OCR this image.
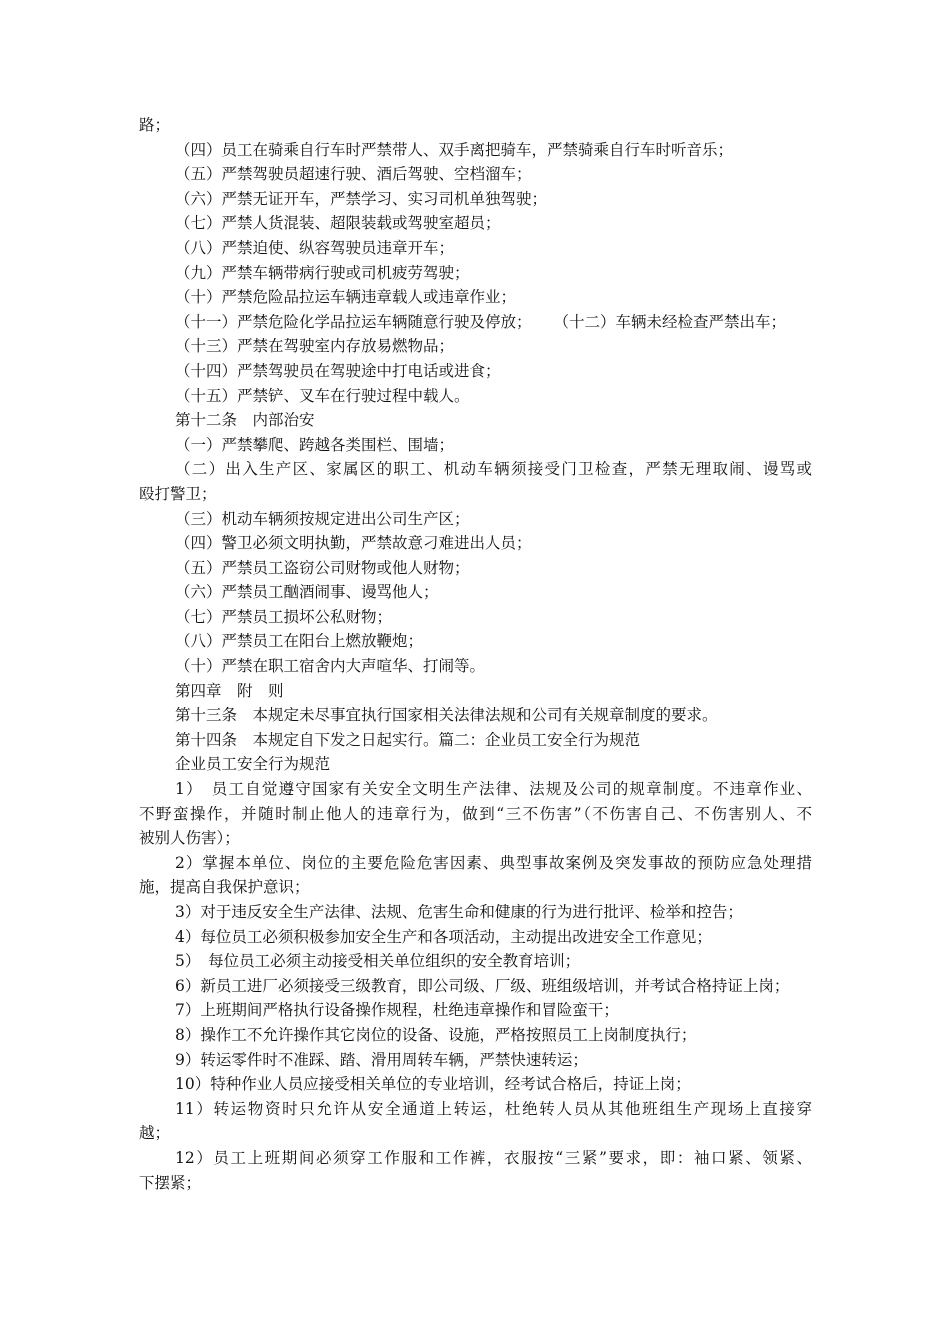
路；
（四）员工在骑乘自行车时严禁带人、双手离把骑车，严禁骑乘自行车时听音乐；
（五）严禁驾驶员超速行驶、酒后驾驶、空档溜车；
（六）严禁无证开车，严禁学习、实习司机单独驾驶；
（七）严禁人货混装、超限装载或驾驶室超员；
（八）严禁迫使、纵容驾驶员违章开车；
（九）严禁车辆带病行驶或司机疲劳驾驶；
（十）严禁危险品拉运车辆违章载人或违章作业；
（十一）严禁危险化学品拉运车辆随意行驶及停放； （十二）车辆未经检查严禁出车；
（十三）严禁在驾驶室内存放易燃物品；
（十四）严禁驾驶员在驾驶途中打电话或进食；
（十五）严禁铲、叉车在行驶过程中载人。
第十二条　内部治安
（一）严禁攀爬、跨越各类围栏、围墙；
（二）出入生产区、家属区的职工、机动车辆须接受门卫检查，严禁无理取闹、谩骂或
殴打警卫；
（三）机动车辆须按规定进出公司生产区；
（四）警卫必须文明执勤，严禁故意刁难进出人员；
（五）严禁员工盗窃公司财物或他人财物；
（六）严禁员工酗酒闹事、谩骂他人；
（七）严禁员工损坏公私财物；
（八）严禁员工在阳台上燃放鞭炮；
（十）严禁在职工宿舍内大声喧华、打闹等。
第四章　附　则
第十三条　本规定未尽事宜执行国家相关法律法规和公司有关规章制度的要求。
第十四条　本规定自下发之日起实行。篇二：企业员工安全行为规范
企业员工安全行为规范
1）　员工自觉遵守国家有关安全文明生产法律、法规及公司的规章制度。不违章作业、
不野蛮操作，并随时制止他人的违章行为，做到“三不伤害”（不伤害自己、不伤害别人、不
被别人伤害）；
2）掌握本单位、岗位的主要危险危害因素、典型事故案例及突发事故的预防应急处理措
施，提高自我保护意识；
3）对于违反安全生产法律、法规、危害生命和健康的行为进行批评、检举和控告；
4）每位员工必须积极参加安全生产和各项活动，主动提出改进安全工作意见；
5）　每位员工必须主动接受相关单位组织的安全教育培训；
6）新员工进厂必须接受三级教育，即公司级、厂级、班组级培训，并考试合格持证上岗；
7）上班期间严格执行设备操作规程，杜绝违章操作和冒险蛮干；
8）操作工不允许操作其它岗位的设备、设施，严格按照员工上岗制度执行；
9）转运零件时不准踩、踏、滑用周转车辆，严禁快速转运；
10）特种作业人员应接受相关单位的专业培训，经考试合格后，持证上岗；
11）转运物资时只允许从安全通道上转运，杜绝转人员从其他班组生产现场上直接穿
越；
12）员工上班期间必须穿工作服和工作裤，衣服按“三紧”要求，即：袖口紧、领紧、
下摆紧；
